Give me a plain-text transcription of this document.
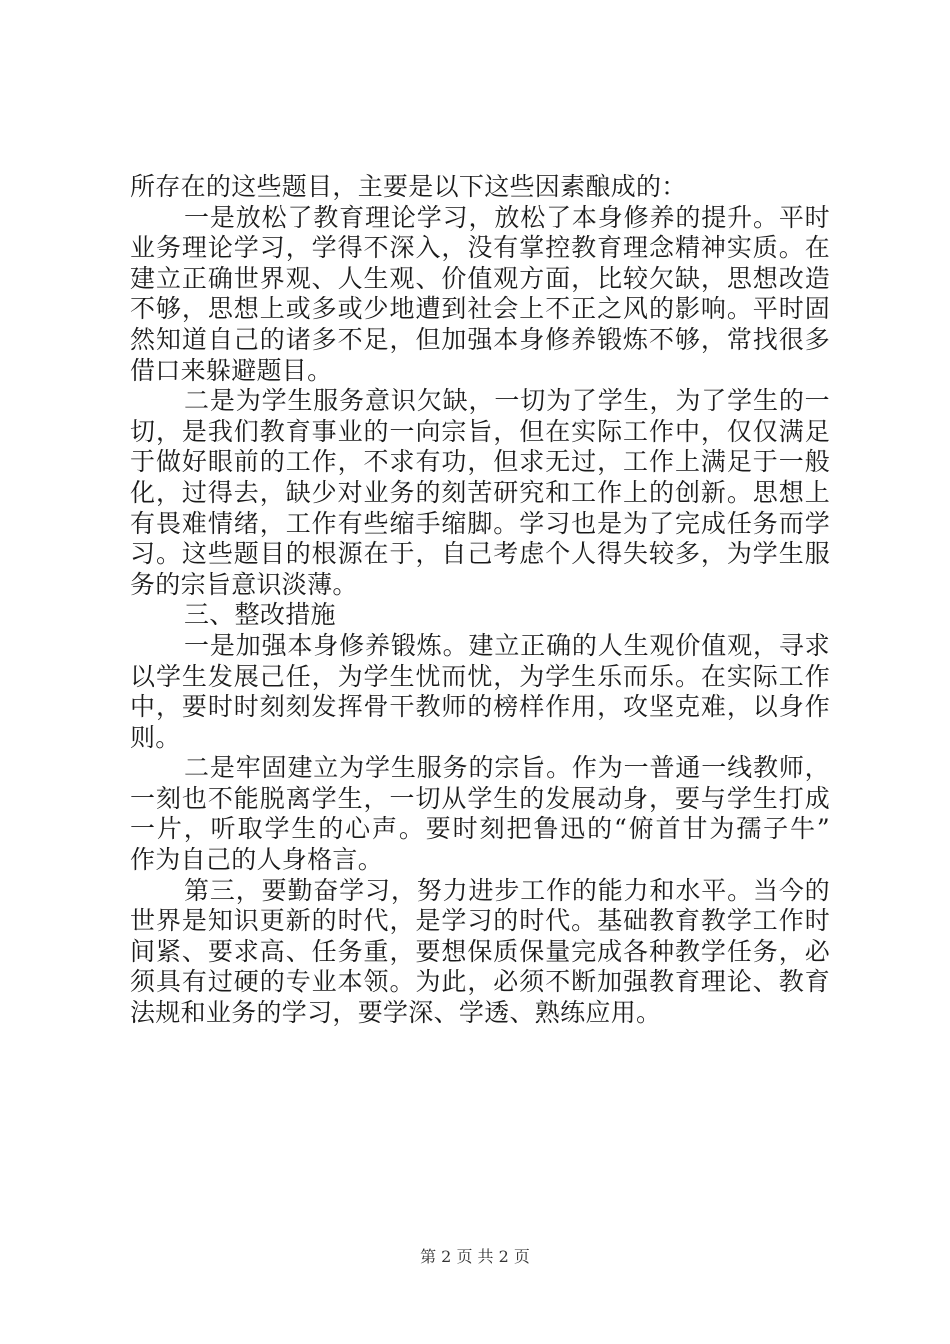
所存在的这些题目，主要是以下这些因素酿成的：
一是放松了教育理论学习，放松了本身修养的提升。平时
业务理论学习，学得不深入，没有掌控教育理念精神实质。在
建立正确世界观、人生观、价值观方面，比较欠缺，思想改造
不够，思想上或多或少地遭到社会上不正之风的影响。平时固
然知道自己的诸多不足，但加强本身修养锻炼不够，常找很多
借口来躲避题目。
二是为学生服务意识欠缺，一切为了学生，为了学生的一
切，是我们教育事业的一向宗旨，但在实际工作中，仅仅满足
于做好眼前的工作，不求有功，但求无过，工作上满足于一般
化，过得去，缺少对业务的刻苦研究和工作上的创新。思想上
有畏难情绪，工作有些缩手缩脚。学习也是为了完成任务而学
习。这些题目的根源在于，自己考虑个人得失较多，为学生服
务的宗旨意识淡薄。
三、整改措施
一是加强本身修养锻炼。建立正确的人生观价值观，寻求
以学生发展己任，为学生忧而忧，为学生乐而乐。在实际工作
中，要时时刻刻发挥骨干教师的榜样作用，攻坚克难，以身作
则。
二是牢固建立为学生服务的宗旨。作为一普通一线教师，
一刻也不能脱离学生，一切从学生的发展动身，要与学生打成
一片，听取学生的心声。要时刻把鲁迅的“俯首甘为孺子牛”
作为自己的人身格言。
第三，要勤奋学习，努力进步工作的能力和水平。当今的
世界是知识更新的时代，是学习的时代。基础教育教学工作时
间紧、要求高、任务重，要想保质保量完成各种教学任务，必
须具有过硬的专业本领。为此，必须不断加强教育理论、教育
法规和业务的学习，要学深、学透、熟练应用。
第 2 页 共 2 页
